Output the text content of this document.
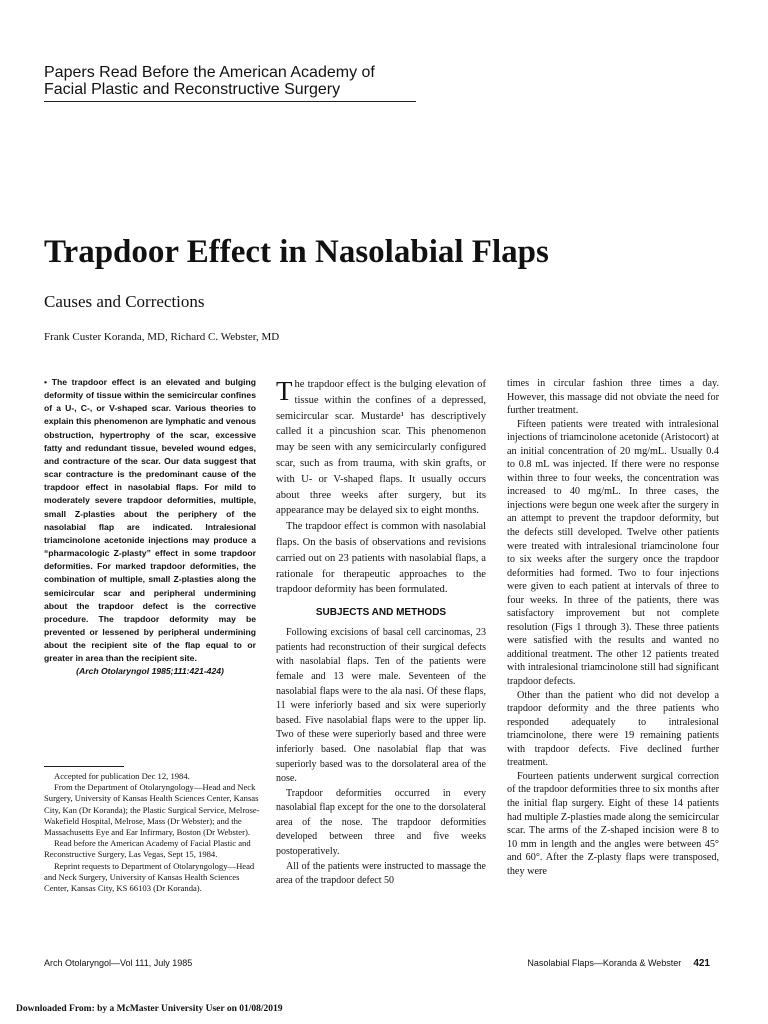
Papers Read Before the American Academy of
Facial Plastic and Reconstructive Surgery
Trapdoor Effect in Nasolabial Flaps
Causes and Corrections
Frank Custer Koranda, MD, Richard C. Webster, MD
• The trapdoor effect is an elevated and bulging deformity of tissue within the semicircular confines of a U-, C-, or V-shaped scar. Various theories to explain this phenomenon are lymphatic and venous obstruction, hypertrophy of the scar, excessive fatty and redundant tissue, beveled wound edges, and contracture of the scar. Our data suggest that scar contracture is the predominant cause of the trapdoor effect in nasolabial flaps. For mild to moderately severe trapdoor deformities, multiple, small Z-plasties about the periphery of the nasolabial flap are indicated. Intralesional triamcinolone acetonide injections may produce a “pharmacologic Z-plasty” effect in some trapdoor deformities. For marked trapdoor deformities, the combination of multiple, small Z-plasties along the semicircular scar and peripheral undermining about the trapdoor defect is the corrective procedure. The trapdoor deformity may be prevented or lessened by peripheral undermining about the recipient site of the flap equal to or greater in area than the recipient site.
(Arch Otolaryngol 1985;111:421-424)

Accepted for publication Dec 12, 1984.

From the Department of Otolaryngology—Head and Neck Surgery, University of Kansas Health Sciences Center, Kansas City, Kan (Dr Koranda); the Plastic Surgical Service, Melrose-Wakefield Hospital, Melrose, Mass (Dr Webster); and the Massachusetts Eye and Ear Infirmary, Boston (Dr Webster).

Read before the American Academy of Facial Plastic and Reconstructive Surgery, Las Vegas, Sept 15, 1984.

Reprint requests to Department of Otolaryngology—Head and Neck Surgery, University of Kansas Health Sciences Center, Kansas City, KS 66103 (Dr Koranda).

The trapdoor effect is the bulging elevation of tissue within the confines of a depressed, semicircular scar. Mustarde¹ has descriptively called it a pincushion scar. This phenomenon may be seen with any semicircularly configured scar, such as from trauma, with skin grafts, or with U- or V-shaped flaps. It usually occurs about three weeks after surgery, but its appearance may be delayed six to eight months.

The trapdoor effect is common with nasolabial flaps. On the basis of observations and revisions carried out on 23 patients with nasolabial flaps, a rationale for therapeutic approaches to the trapdoor deformity has been formulated.

SUBJECTS AND METHODS

Following excisions of basal cell carcinomas, 23 patients had reconstruction of their surgical defects with nasolabial flaps. Ten of the patients were female and 13 were male. Seventeen of the nasolabial flaps were to the ala nasi. Of these flaps, 11 were inferiorly based and six were superiorly based. Five nasolabial flaps were to the upper lip. Two of these were superiorly based and three were inferiorly based. One nasolabial flap that was superiorly based was to the dorsolateral area of the nose.

Trapdoor deformities occurred in every nasolabial flap except for the one to the dorsolateral area of the nose. The trapdoor deformities developed between three and five weeks postoperatively.

All of the patients were instructed to massage the area of the trapdoor defect 50

times in circular fashion three times a day. However, this massage did not obviate the need for further treatment.

Fifteen patients were treated with intralesional injections of triamcinolone acetonide (Aristocort) at an initial concentration of 20 mg/mL. Usually 0.4 to 0.8 mL was injected. If there were no response within three to four weeks, the concentration was increased to 40 mg/mL. In three cases, the injections were begun one week after the surgery in an attempt to prevent the trapdoor deformity, but the defects still developed. Twelve other patients were treated with intralesional triamcinolone four to six weeks after the surgery once the trapdoor deformities had formed. Two to four injections were given to each patient at intervals of three to four weeks. In three of the patients, there was satisfactory improvement but not complete resolution (Figs 1 through 3). These three patients were satisfied with the results and wanted no additional treatment. The other 12 patients treated with intralesional triamcinolone still had significant trapdoor defects.

Other than the patient who did not develop a trapdoor deformity and the three patients who responded adequately to intralesional triamcinolone, there were 19 remaining patients with trapdoor defects. Five declined further treatment.

Fourteen patients underwent surgical correction of the trapdoor deformities three to six months after the initial flap surgery. Eight of these 14 patients had multiple Z-plasties made along the semicircular scar. The arms of the Z-shaped incision were 8 to 10 mm in length and the angles were between 45° and 60°. After the Z-plasty flaps were transposed, they were

Arch Otolaryngol—Vol 111, July 1985	Nasolabial Flaps—Koranda & Webster 421
Downloaded From: by a McMaster University User on 01/08/2019
